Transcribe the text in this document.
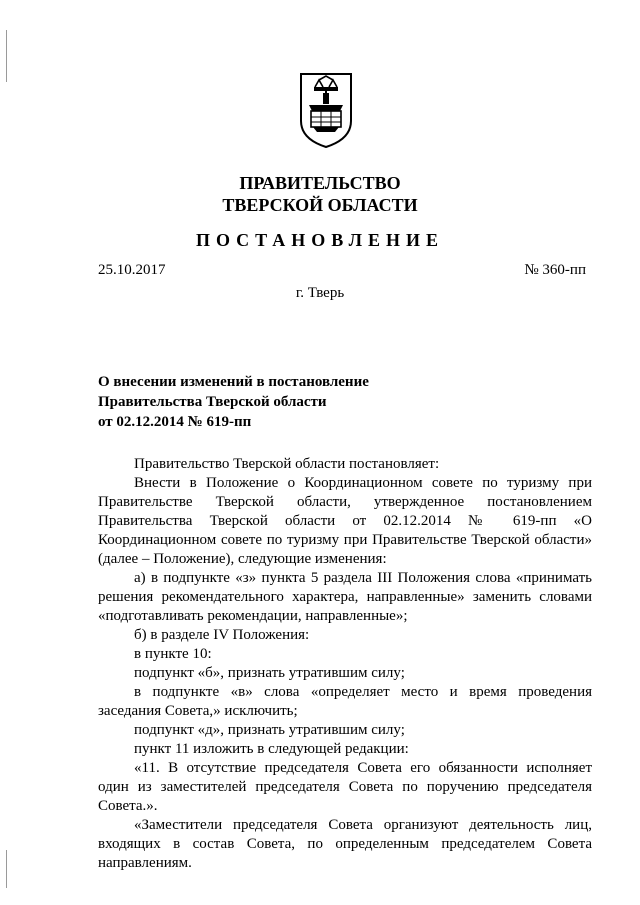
ПРАВИТЕЛЬСТВО
ТВЕРСКОЙ ОБЛАСТИ
ПОСТАНОВЛЕНИЕ
25.10.2017	№ 360-пп
г. Тверь
О внесении изменений в постановление
Правительства Тверской области
от 02.12.2014 № 619-пп

Правительство Тверской области постановляет:

Внести в Положение о Координационном совете по туризму при Правительстве Тверской области, утвержденное постановлением Правительства Тверской области от 02.12.2014 № 619-пп «О Координационном совете по туризму при Правительстве Тверской области» (далее – Положение), следующие изменения:

а) в подпункте «з» пункта 5 раздела III Положения слова «принимать решения рекомендательного характера, направленные» заменить словами «подготавливать рекомендации, направленные»;

б) в разделе IV Положения:

в пункте 10:

подпункт «б», признать утратившим силу;

в подпункте «в» слова «определяет место и время проведения заседания Совета,» исключить;

подпункт «д», признать утратившим силу;

пункт 11 изложить в следующей редакции:

«11. В отсутствие председателя Совета его обязанности исполняет один из заместителей председателя Совета по поручению председателя Совета.».

«Заместители председателя Совета организуют деятельность лиц, входящих в состав Совета, по определенным председателем Совета направлениям.
